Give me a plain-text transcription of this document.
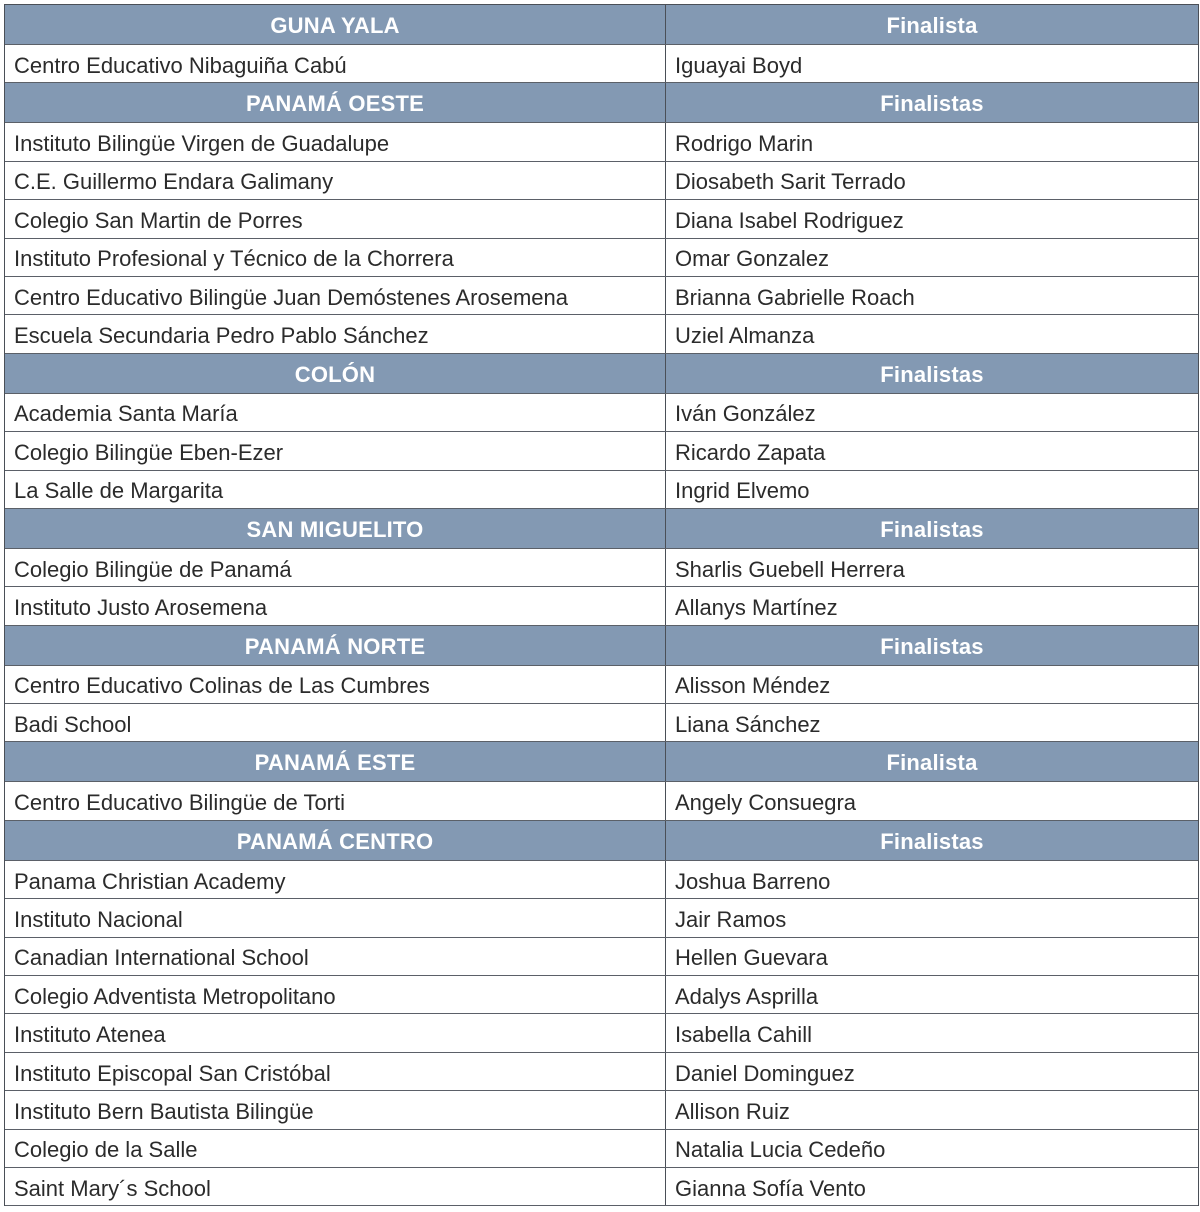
GUNA YALA	Finalista
Centro Educativo Nibaguiña Cabú	Iguayai Boyd
PANAMÁ OESTE	Finalistas
Instituto Bilingüe Virgen de Guadalupe	Rodrigo Marin
C.E. Guillermo Endara Galimany	Diosabeth Sarit Terrado
Colegio San Martin de Porres	Diana Isabel Rodriguez
Instituto Profesional y Técnico de la Chorrera	Omar Gonzalez
Centro Educativo Bilingüe Juan Demóstenes Arosemena	Brianna Gabrielle Roach
Escuela Secundaria Pedro Pablo Sánchez	Uziel Almanza
COLÓN	Finalistas
Academia Santa María	Iván González
Colegio Bilingüe Eben-Ezer	Ricardo Zapata
La Salle de Margarita	Ingrid Elvemo
SAN MIGUELITO	Finalistas
Colegio Bilingüe de Panamá	Sharlis Guebell Herrera
Instituto Justo Arosemena	Allanys Martínez
PANAMÁ NORTE	Finalistas
Centro Educativo Colinas de Las Cumbres	Alisson Méndez
Badi School	Liana Sánchez
PANAMÁ ESTE	Finalista
Centro Educativo Bilingüe de Torti	Angely Consuegra
PANAMÁ CENTRO	Finalistas
Panama Christian Academy	Joshua Barreno
Instituto Nacional	Jair Ramos
Canadian International School	Hellen Guevara
Colegio Adventista Metropolitano	Adalys Asprilla
Instituto Atenea	Isabella Cahill
Instituto Episcopal San Cristóbal	Daniel Dominguez
Instituto Bern Bautista Bilingüe	Allison Ruiz
Colegio de la Salle	Natalia Lucia Cedeño
Saint Mary´s School	Gianna Sofía Vento
